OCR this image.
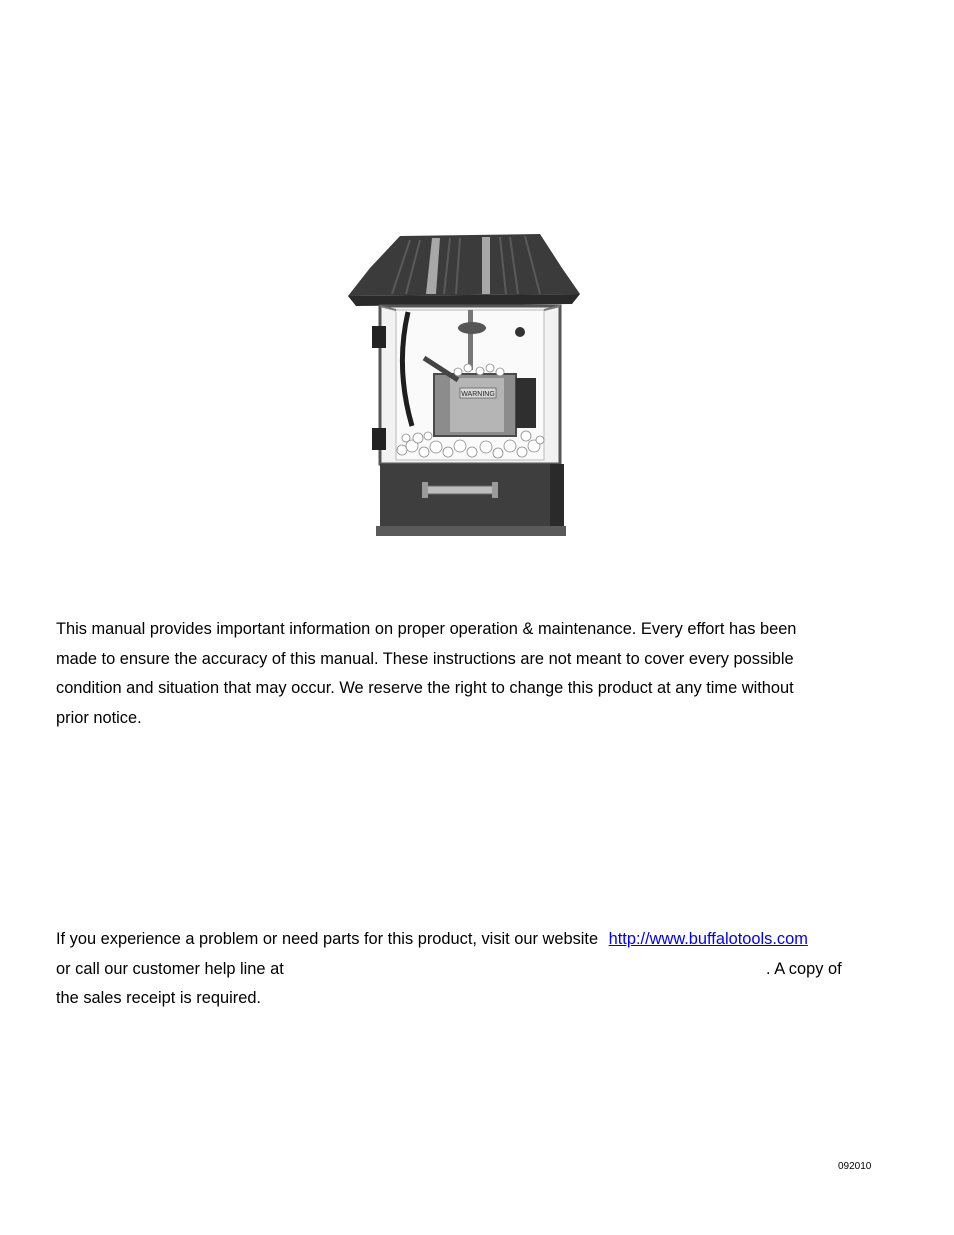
WARNING
This manual provides important information on proper operation & maintenance. Every effort has been
made to ensure the accuracy of this manual. These instructions are not meant to cover every possible
condition and situation that may occur. We reserve the right to change this product at any time without
prior notice.
If you experience a problem or need parts for this product, visit our website http://www.buffalotools.com
or call our customer help line at	. A copy of
the sales receipt is required.
092010
